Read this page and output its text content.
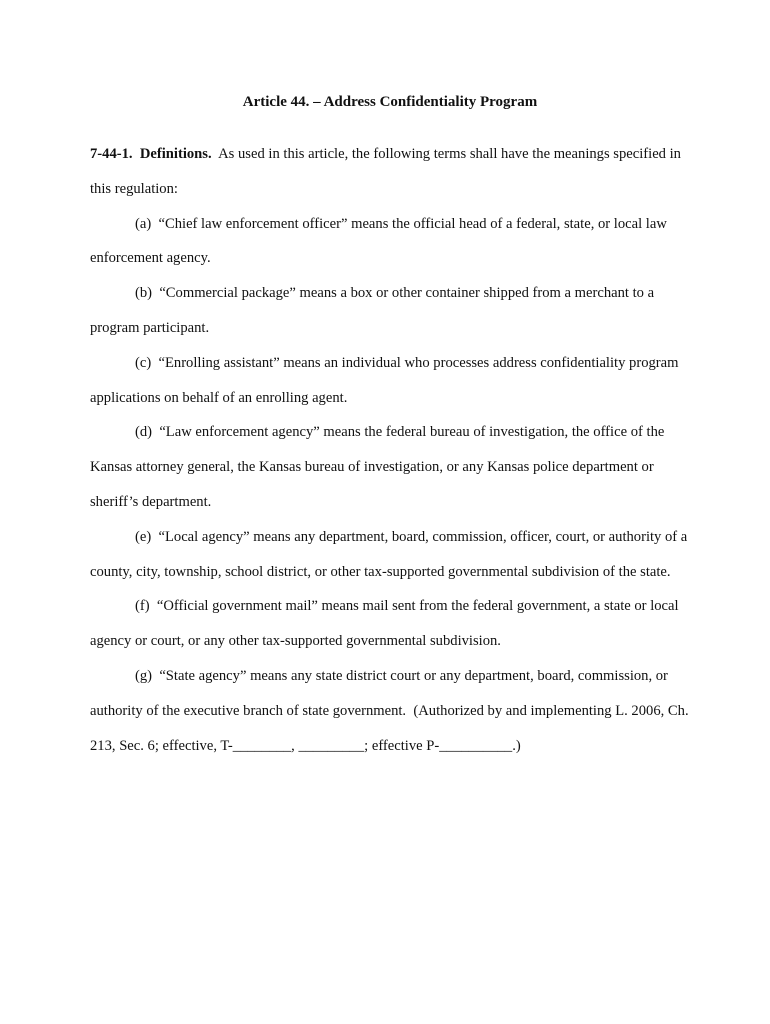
Article 44. – Address Confidentiality Program

7-44-1. Definitions. As used in this article, the following terms shall have the meanings specified in this regulation:

(a) “Chief law enforcement officer” means the official head of a federal, state, or local law enforcement agency.

(b) “Commercial package” means a box or other container shipped from a merchant to a program participant.

(c) “Enrolling assistant” means an individual who processes address confidentiality program applications on behalf of an enrolling agent.

(d) “Law enforcement agency” means the federal bureau of investigation, the office of the Kansas attorney general, the Kansas bureau of investigation, or any Kansas police department or sheriff’s department.

(e) “Local agency” means any department, board, commission, officer, court, or authority of a county, city, township, school district, or other tax-supported governmental subdivision of the state.

(f) “Official government mail” means mail sent from the federal government, a state or local agency or court, or any other tax-supported governmental subdivision.

(g) “State agency” means any state district court or any department, board, commission, or authority of the executive branch of state government. (Authorized by and implementing L. 2006, Ch. 213, Sec. 6; effective, T-________, _________; effective P-__________.)
